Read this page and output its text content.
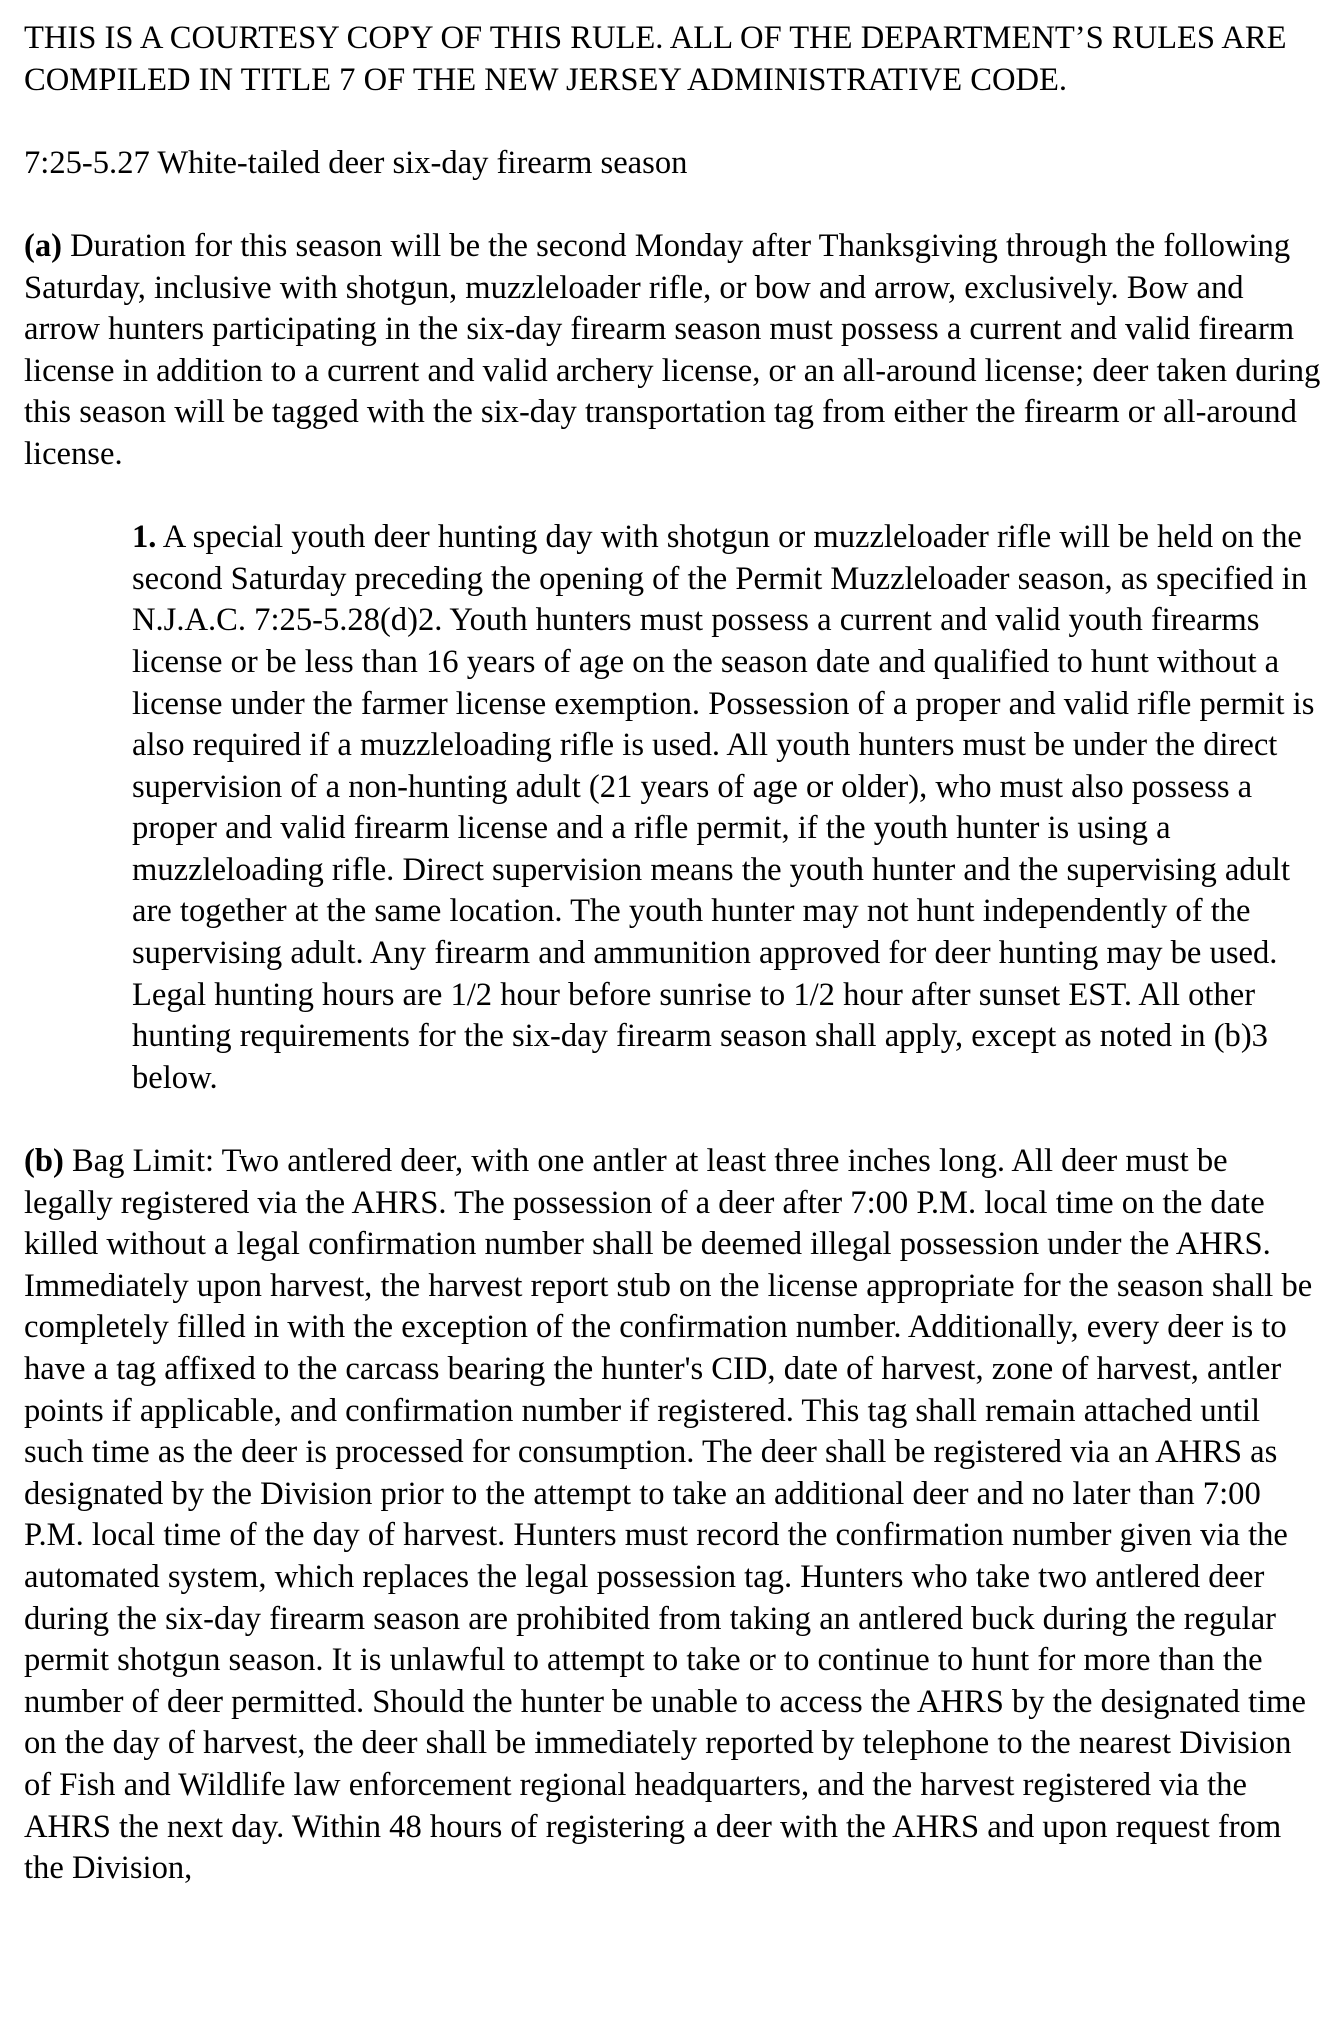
THIS IS A COURTESY COPY OF THIS RULE. ALL OF THE DEPARTMENT’S RULES ARE COMPILED IN TITLE 7 OF THE NEW JERSEY ADMINISTRATIVE CODE.

7:25-5.27 White-tailed deer six-day firearm season

(a) Duration for this season will be the second Monday after Thanksgiving through the following Saturday, inclusive with shotgun, muzzleloader rifle, or bow and arrow, exclusively. Bow and arrow hunters participating in the six-day firearm season must possess a current and valid firearm license in addition to a current and valid archery license, or an all-around license; deer taken during this season will be tagged with the six-day transportation tag from either the firearm or all-around license.

1. A special youth deer hunting day with shotgun or muzzleloader rifle will be held on the second Saturday preceding the opening of the Permit Muzzleloader season, as specified in N.J.A.C. 7:25-5.28(d)2. Youth hunters must possess a current and valid youth firearms license or be less than 16 years of age on the season date and qualified to hunt without a license under the farmer license exemption. Possession of a proper and valid rifle permit is also required if a muzzleloading rifle is used. All youth hunters must be under the direct supervision of a non-hunting adult (21 years of age or older), who must also possess a proper and valid firearm license and a rifle permit, if the youth hunter is using a muzzleloading rifle. Direct supervision means the youth hunter and the supervising adult are together at the same location. The youth hunter may not hunt independently of the supervising adult. Any firearm and ammunition approved for deer hunting may be used. Legal hunting hours are 1/2 hour before sunrise to 1/2 hour after sunset EST. All other hunting requirements for the six-day firearm season shall apply, except as noted in (b)3 below.

(b) Bag Limit: Two antlered deer, with one antler at least three inches long. All deer must be legally registered via the AHRS. The possession of a deer after 7:00 P.M. local time on the date killed without a legal confirmation number shall be deemed illegal possession under the AHRS. Immediately upon harvest, the harvest report stub on the license appropriate for the season shall be completely filled in with the exception of the confirmation number. Additionally, every deer is to have a tag affixed to the carcass bearing the hunter's CID, date of harvest, zone of harvest, antler points if applicable, and confirmation number if registered. This tag shall remain attached until such time as the deer is processed for consumption. The deer shall be registered via an AHRS as designated by the Division prior to the attempt to take an additional deer and no later than 7:00 P.M. local time of the day of harvest. Hunters must record the confirmation number given via the automated system, which replaces the legal possession tag. Hunters who take two antlered deer during the six-day firearm season are prohibited from taking an antlered buck during the regular permit shotgun season. It is unlawful to attempt to take or to continue to hunt for more than the number of deer permitted. Should the hunter be unable to access the AHRS by the designated time on the day of harvest, the deer shall be immediately reported by telephone to the nearest Division of Fish and Wildlife law enforcement regional headquarters, and the harvest registered via the AHRS the next day. Within 48 hours of registering a deer with the AHRS and upon request from the Division,
